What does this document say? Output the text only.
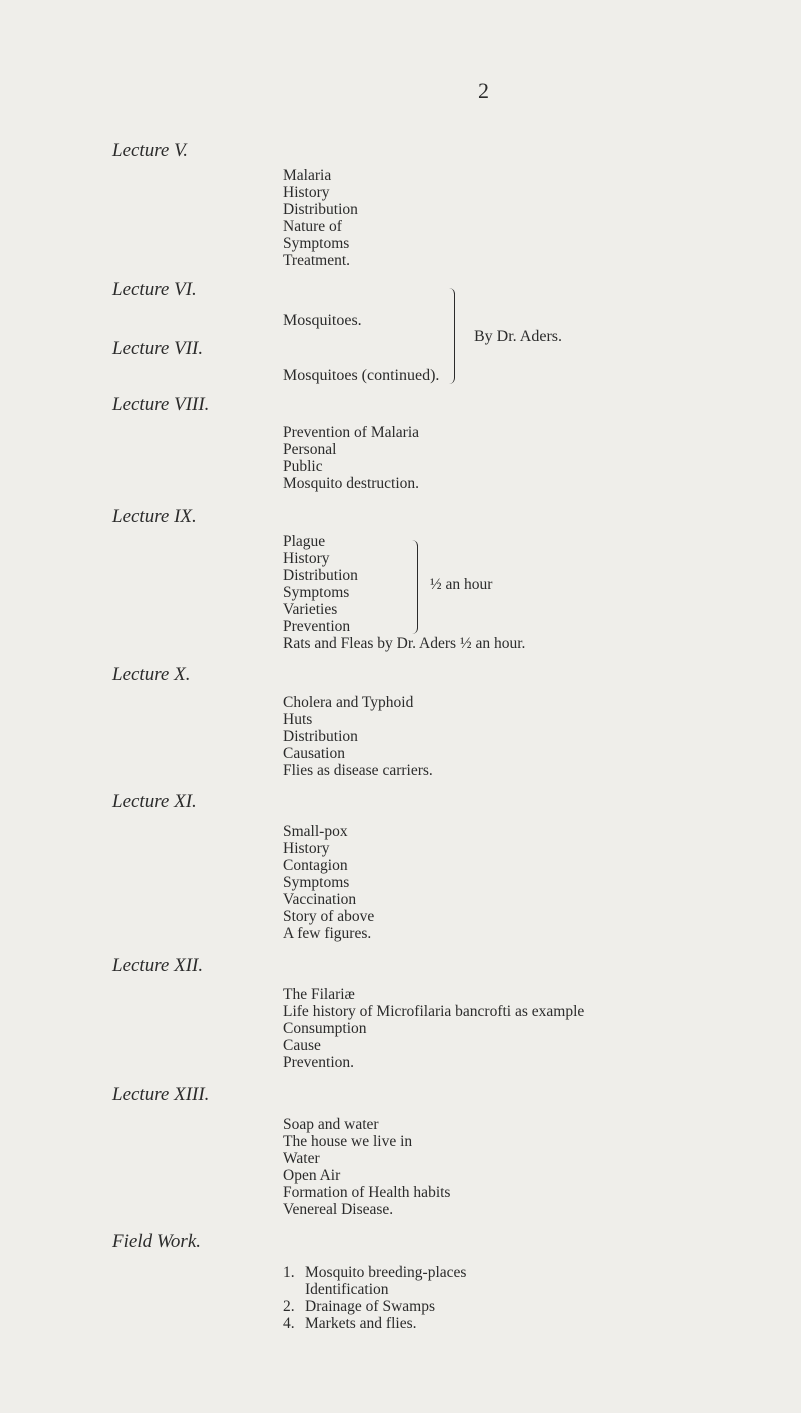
2
Lecture V.
Malaria
History
Distribution
Nature of
Symptoms
Treatment.
Lecture VI.
Mosquitoes.
Lecture VII.
Mosquitoes (continued).
By Dr. Aders.
Lecture VIII.
Prevention of Malaria
Personal
Public
Mosquito destruction.
Lecture IX.
Plague
History
Distribution
Symptoms
Varieties
Prevention
Rats and Fleas by Dr. Aders ½ an hour.
½ an hour
Lecture X.
Cholera and Typhoid
Huts
Distribution
Causation
Flies as disease carriers.
Lecture XI.
Small-pox
History
Contagion
Symptoms
Vaccination
Story of above
A few figures.
Lecture XII.
The Filariæ
Life history of Microfilaria bancrofti as example
Consumption
Cause
Prevention.
Lecture XIII.
Soap and water
The house we live in
Water
Open Air
Formation of Health habits
Venereal Disease.
Field Work.
1. Mosquito breeding-places
Identification
2. Drainage of Swamps
4. Markets and flies.
